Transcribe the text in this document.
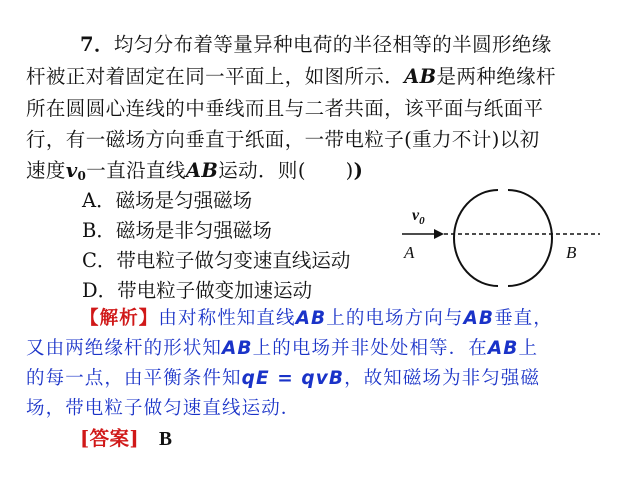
7．均匀分布着等量异种电荷的半径相等的半圆形绝缘
杆被正对着固定在同一平面上，如图所示．AB是两种绝缘杆
所在圆圆心连线的中垂线而且与二者共面，该平面与纸面平
行，有一磁场方向垂直于纸面，一带电粒子(重力不计)以初
速度$v_0$一直沿直线AB运动．则(　　))
A．磁场是匀强磁场
B．磁场是非匀强磁场
C．带电粒子做匀变速直线运动
D．带电粒子做变加速运动
$v_0$
A	B
【解析】由对称性知直线AB上的电场方向与AB垂直，
又由两绝缘杆的形状知AB上的电场并非处处相等．在AB上
的每一点，由平衡条件知qE = qvB，故知磁场为非匀强磁
场，带电粒子做匀速直线运动．
[答案]　 B
